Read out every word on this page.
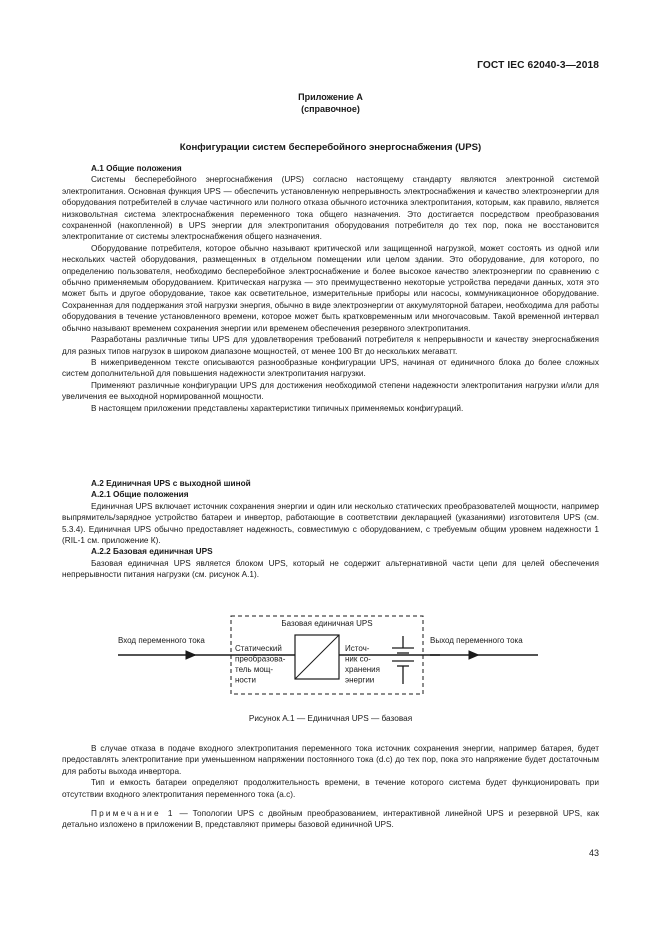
ГОСТ IEC 62040-3—2018
Приложение А
(справочное)
Конфигурации систем бесперебойного энергоснабжения (UPS)

А.1 Общие положения

Системы бесперебойного энергоснабжения (UPS) согласно настоящему стандарту являются электронной системой электропитания. Основная функция UPS — обеспечить установленную непрерывность электроснабжения и качество электроэнергии для оборудования потребителей в случае частичного или полного отказа обычного источника электропитания, которым, как правило, является низковольтная система электроснабжения переменного тока общего назначения. Это достигается посредством преобразования сохраненной (накопленной) в UPS энергии для электропитания оборудования потребителя до тех пор, пока не восстановится электропитание от системы электроснабжения общего назначения.

Оборудование потребителя, которое обычно называют критической или защищенной нагрузкой, может состоять из одной или нескольких частей оборудования, размещенных в отдельном помещении или целом здании. Это оборудование, для которого, по определению пользователя, необходимо бесперебойное электроснабжение и более высокое качество электроэнергии по сравнению с обычно применяемым оборудованием. Критическая нагрузка — это преимущественно некоторые устройства передачи данных, хотя это может быть и другое оборудование, такое как осветительное, измерительные приборы или насосы, коммуникационное оборудование. Сохраненная для поддержания этой нагрузки энергия, обычно в виде электроэнергии от аккумуляторной батареи, необходима для работы оборудования в течение установленного времени, которое может быть кратковременным или многочасовым. Такой временной интервал обычно называют временем сохранения энергии или временем обеспечения резервного электропитания.

Разработаны различные типы UPS для удовлетворения требований потребителя к непрерывности и качеству энергоснабжения для разных типов нагрузок в широком диапазоне мощностей, от менее 100 Вт до нескольких мегаватт.

В нижеприведенном тексте описываются разнообразные конфигурации UPS, начиная от единичного блока до более сложных систем дополнительной для повышения надежности электропитания нагрузки.

Применяют различные конфигурации UPS для достижения необходимой степени надежности электропитания нагрузки и/или для увеличения ее выходной нормированной мощности.

В настоящем приложении представлены характеристики типичных применяемых конфигураций.

А.2 Единичная UPS с выходной шиной

А.2.1 Общие положения

Единичная UPS включает источник сохранения энергии и один или несколько статических преобразователей мощности, например выпрямитель/зарядное устройство батареи и инвертор, работающие в соответствии декларацией (указаниями) изготовителя UPS (см. 5.3.4). Единичная UPS обычно предоставляет надежность, совместимую с оборудованием, с требуемым общим уровнем надежности 1 (RIL-1 см. приложение К).

А.2.2 Базовая единичная UPS

Базовая единичная UPS является блоком UPS, который не содержит альтернативной части цепи для целей обеспечения непрерывности питания нагрузки (см. рисунок А.1).

Базовая единичная UPS
Вход переменного тока	Выход переменного тока
Статический преобразова-тель мощ-ности
Источ-ник со-хранения энергии
Рисунок А.1 — Единичная UPS — базовая

В случае отказа в подаче входного электропитания переменного тока источник сохранения энергии, например батарея, будет предоставлять электропитание при уменьшенном напряжении постоянного тока (d.c) до тех пор, пока это напряжение будет достаточным для работы выхода инвертора.

Тип и емкость батареи определяют продолжительность времени, в течение которого система будет функционировать при отсутствии входного электропитания переменного тока (a.c).

Примечание 1 — Топологии UPS с двойным преобразованием, интерактивной линейной UPS и резервной UPS, как детально изложено в приложении В, представляют примеры базовой единичной UPS.

43
